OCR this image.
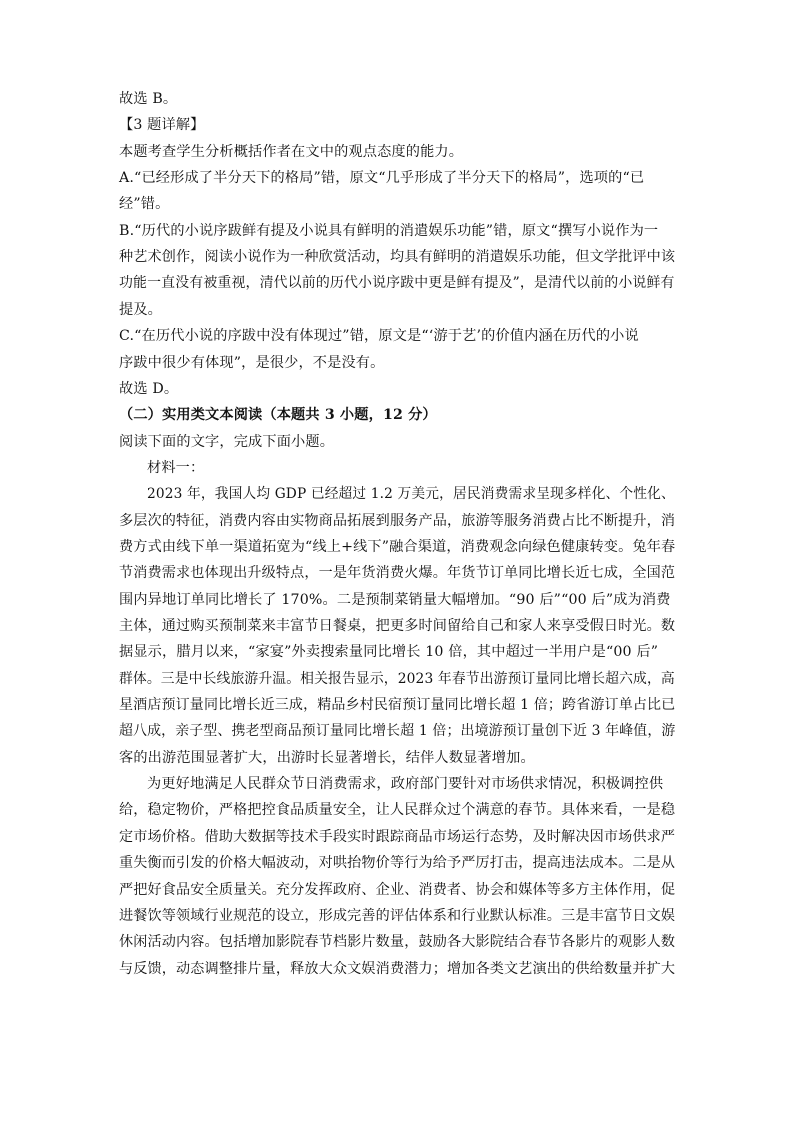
故选 B。
【3 题详解】
本题考查学生分析概括作者在文中的观点态度的能力。
A.“已经形成了半分天下的格局”错，原文“几乎形成了半分天下的格局”，选项的“已
经”错。
B.“历代的小说序跋鲜有提及小说具有鲜明的消遣娱乐功能”错，原文“撰写小说作为一
种艺术创作，阅读小说作为一种欣赏活动，均具有鲜明的消遣娱乐功能，但文学批评中该
功能一直没有被重视，清代以前的历代小说序跋中更是鲜有提及”，是清代以前的小说鲜有
提及。
C.“在历代小说的序跋中没有体现过”错，原文是“‘游于艺’的价值内涵在历代的小说
序跋中很少有体现”，是很少，不是没有。
故选 D。
（二）实用类文本阅读（本题共 3 小题，12 分）
阅读下面的文字，完成下面小题。
材料一：
2023 年，我国人均 GDP 已经超过 1.2 万美元，居民消费需求呈现多样化、个性化、
多层次的特征，消费内容由实物商品拓展到服务产品，旅游等服务消费占比不断提升，消
费方式由线下单一渠道拓宽为“线上+线下”融合渠道，消费观念向绿色健康转变。兔年春
节消费需求也体现出升级特点，一是年货消费火爆。年货节订单同比增长近七成，全国范
围内异地订单同比增长了 170%。二是预制菜销量大幅增加。“90 后”“00 后”成为消费
主体，通过购买预制菜来丰富节日餐桌，把更多时间留给自己和家人来享受假日时光。数
据显示，腊月以来，“家宴”外卖搜索量同比增长 10 倍，其中超过一半用户是“00 后”
群体。三是中长线旅游升温。相关报告显示，2023 年春节出游预订量同比增长超六成，高
星酒店预订量同比增长近三成，精品乡村民宿预订量同比增长超 1 倍；跨省游订单占比已
超八成，亲子型、携老型商品预订量同比增长超 1 倍；出境游预订量创下近 3 年峰值，游
客的出游范围显著扩大，出游时长显著增长，结伴人数显著增加。
为更好地满足人民群众节日消费需求，政府部门要针对市场供求情况，积极调控供
给，稳定物价，严格把控食品质量安全，让人民群众过个满意的春节。具体来看，一是稳
定市场价格。借助大数据等技术手段实时跟踪商品市场运行态势，及时解决因市场供求严
重失衡而引发的价格大幅波动，对哄抬物价等行为给予严厉打击，提高违法成本。二是从
严把好食品安全质量关。充分发挥政府、企业、消费者、协会和媒体等多方主体作用，促
进餐饮等领域行业规范的设立，形成完善的评估体系和行业默认标准。三是丰富节日文娱
休闲活动内容。包括增加影院春节档影片数量，鼓励各大影院结合春节各影片的观影人数
与反馈，动态调整排片量，释放大众文娱消费潜力；增加各类文艺演出的供给数量并扩大
